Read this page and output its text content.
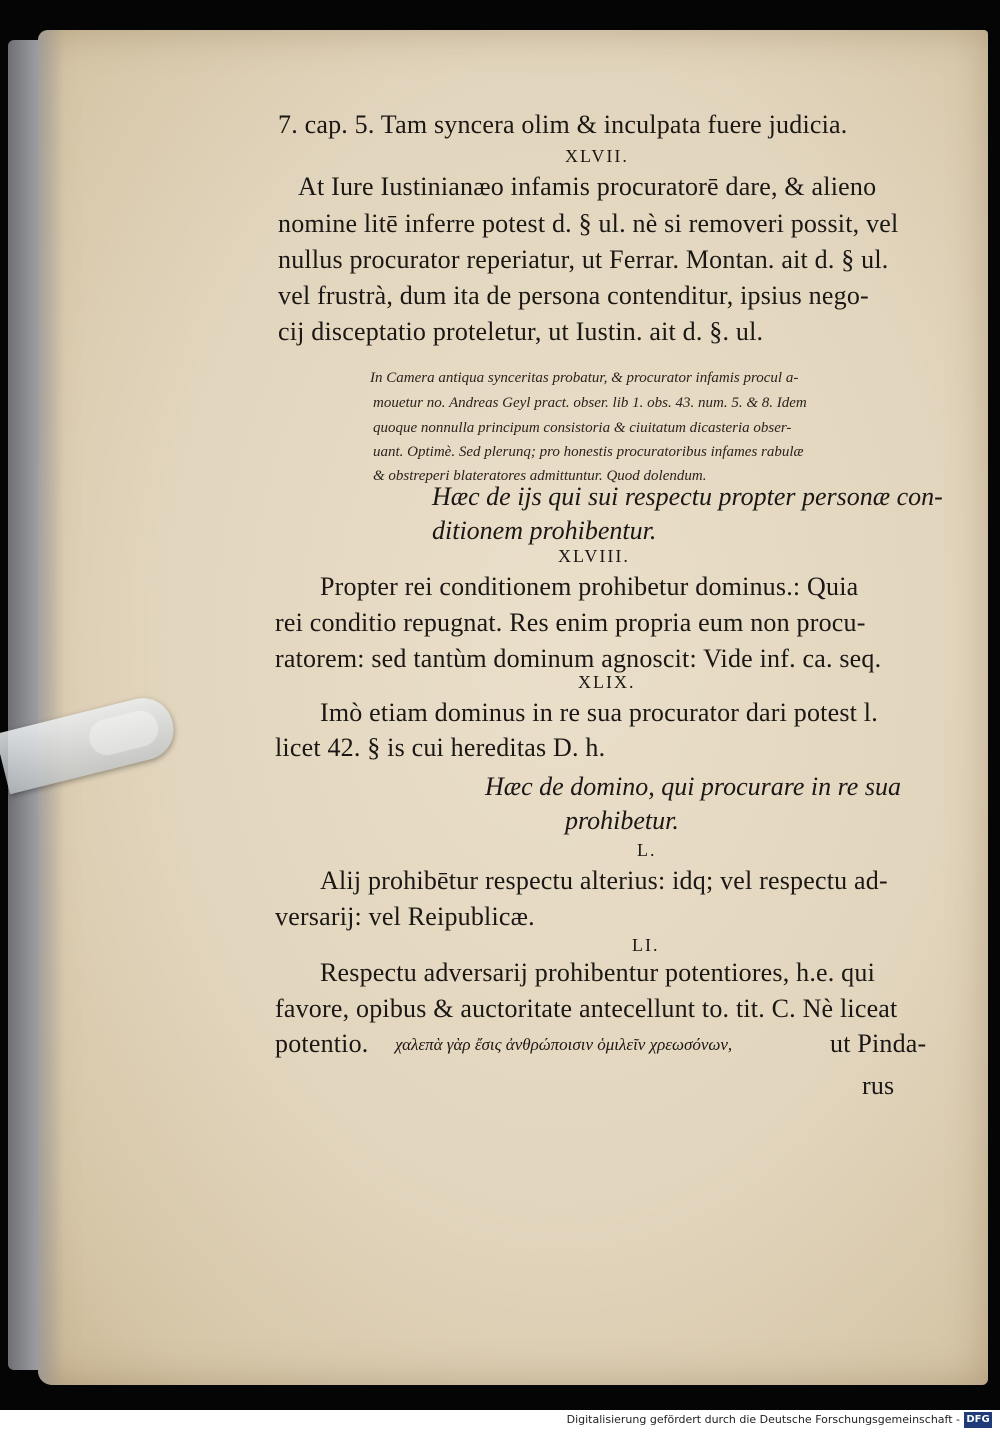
7. cap. 5. Tam syncera olim & inculpata fuere judicia.
XLVII.
At Iure Iustinianæo infamis procuratorē dare, & alieno
nomine litē inferre potest d. § ul. nè si removeri possit, vel
nullus procurator reperiatur, ut Ferrar. Montan. ait d. § ul.
vel frustrà, dum ita de persona contenditur, ipsius nego-
cij disceptatio proteletur, ut Iustin. ait d. §. ul.
In Camera antiqua synceritas probatur, & procurator infamis procul a-
mouetur no. Andreas Geyl pract. obser. lib 1. obs. 43. num. 5. & 8. Idem
quoque nonnulla principum consistoria & ciuitatum dicasteria obser-
uant. Optimè. Sed plerunq; pro honestis procuratoribus infames rabulæ
& obstreperi blateratores admittuntur. Quod dolendum.
Hæc de ijs qui sui respectu propter personæ con-
ditionem prohibentur.
XLVIII.
Propter rei conditionem prohibetur dominus.: Quia
rei conditio repugnat. Res enim propria eum non procu-
ratorem: sed tantùm dominum agnoscit: Vide inf. ca. seq.
XLIX.
Imò etiam dominus in re sua procurator dari potest l.
licet 42. § is cui hereditas D. h.
Hæc de domino, qui procurare in re sua
prohibetur.
L.
Alij prohibētur respectu alterius: idq; vel respectu ad-
versarij: vel Reipublicæ.
LI.
Respectu adversarij prohibentur potentiores, h.e. qui
favore, opibus & auctoritate antecellunt to. tit. C. Nè liceat
potentio. χαλεπὰ γὰρ ἔσις ἀνθρώποισιν ὁμιλεῖν χρεωσόνων,	ut Pinda-
rus
Digitalisierung gefördert durch die Deutsche Forschungsgemeinschaft - DFG
